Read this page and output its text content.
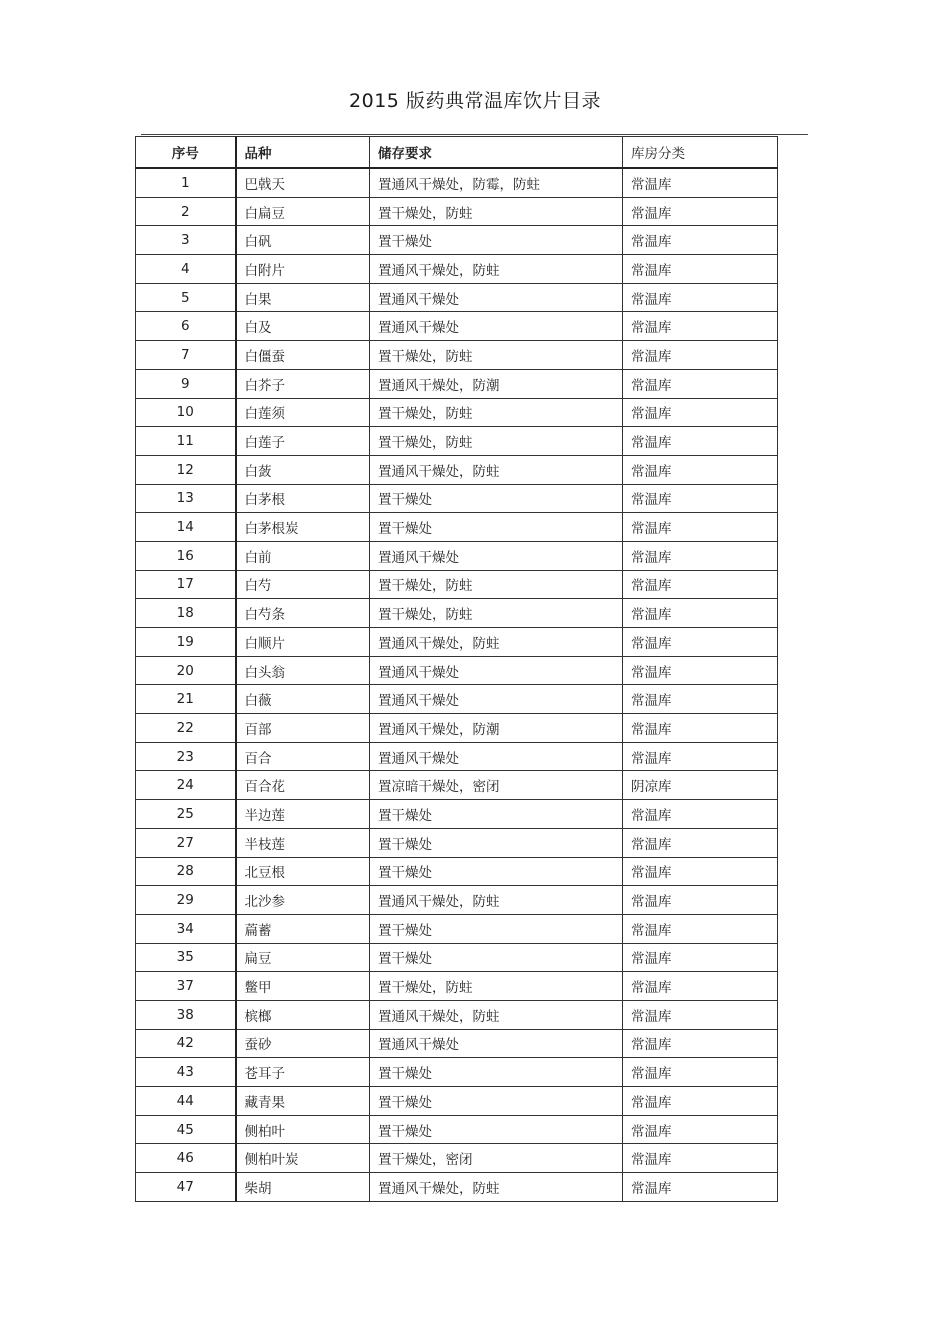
2015 版药典常温库饮片目录
序号	品种	储存要求	库房分类
1	巴戟天	置通风干燥处，防霉，防蛀	常温库
2	白扁豆	置干燥处，防蛀	常温库
3	白矾	置干燥处	常温库
4	白附片	置通风干燥处，防蛀	常温库
5	白果	置通风干燥处	常温库
6	白及	置通风干燥处	常温库
7	白僵蚕	置干燥处，防蛀	常温库
9	白芥子	置通风干燥处，防潮	常温库
10	白莲须	置干燥处，防蛀	常温库
11	白莲子	置干燥处，防蛀	常温库
12	白蔹	置通风干燥处，防蛀	常温库
13	白茅根	置干燥处	常温库
14	白茅根炭	置干燥处	常温库
16	白前	置通风干燥处	常温库
17	白芍	置干燥处，防蛀	常温库
18	白芍条	置干燥处，防蛀	常温库
19	白顺片	置通风干燥处，防蛀	常温库
20	白头翁	置通风干燥处	常温库
21	白薇	置通风干燥处	常温库
22	百部	置通风干燥处，防潮	常温库
23	百合	置通风干燥处	常温库
24	百合花	置凉暗干燥处，密闭	阴凉库
25	半边莲	置干燥处	常温库
27	半枝莲	置干燥处	常温库
28	北豆根	置干燥处	常温库
29	北沙参	置通风干燥处，防蛀	常温库
34	萹蓄	置干燥处	常温库
35	扁豆	置干燥处	常温库
37	鳖甲	置干燥处，防蛀	常温库
38	槟榔	置通风干燥处，防蛀	常温库
42	蚕砂	置通风干燥处	常温库
43	苍耳子	置干燥处	常温库
44	藏青果	置干燥处	常温库
45	侧柏叶	置干燥处	常温库
46	侧柏叶炭	置干燥处，密闭	常温库
47	柴胡	置通风干燥处，防蛀	常温库
